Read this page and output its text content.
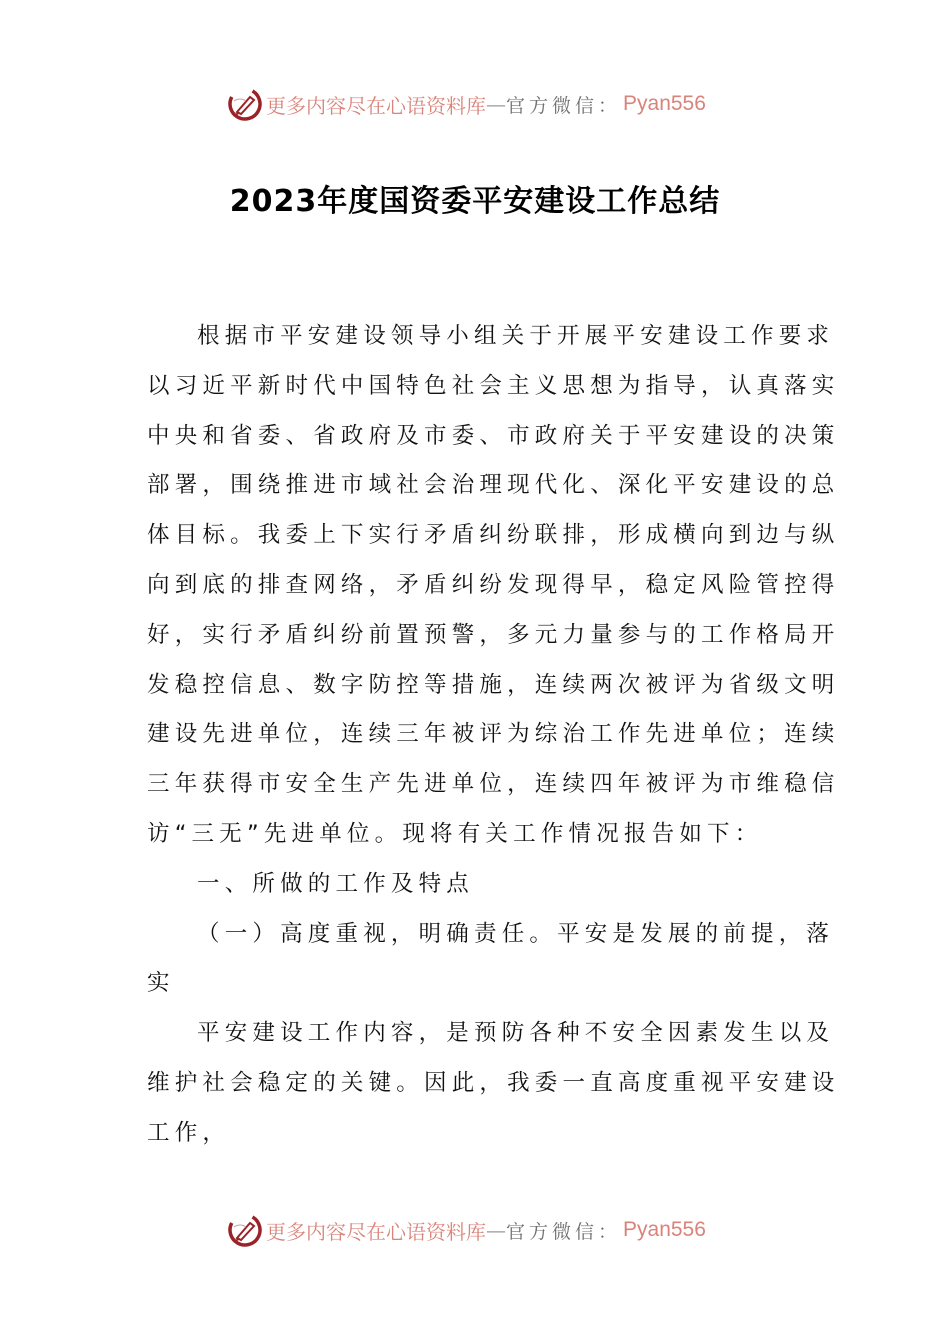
更多内容尽在心语资料库 — 官方微信： Pyan556
2023年度国资委平安建设工作总结
根据市平安建设领导小组关于开展平安建设工作要求
以习近平新时代中国特色社会主义思想为指导，认真落实
中央和省委、省政府及市委、市政府关于平安建设的决策
部署，围绕推进市域社会治理现代化、深化平安建设的总
体目标。我委上下实行矛盾纠纷联排，形成横向到边与纵
向到底的排查网络，矛盾纠纷发现得早，稳定风险管控得
好，实行矛盾纠纷前置预警，多元力量参与的工作格局开
发稳控信息、数字防控等措施，连续两次被评为省级文明
建设先进单位，连续三年被评为综治工作先进单位；连续
三年获得市安全生产先进单位，连续四年被评为市维稳信
访“三无”先进单位。现将有关工作情况报告如下：
一、所做的工作及特点
（一）高度重视，明确责任。平安是发展的前提，落
实
平安建设工作内容，是预防各种不安全因素发生以及
维护社会稳定的关键。因此，我委一直高度重视平安建设
工作，
更多内容尽在心语资料库 — 官方微信： Pyan556
